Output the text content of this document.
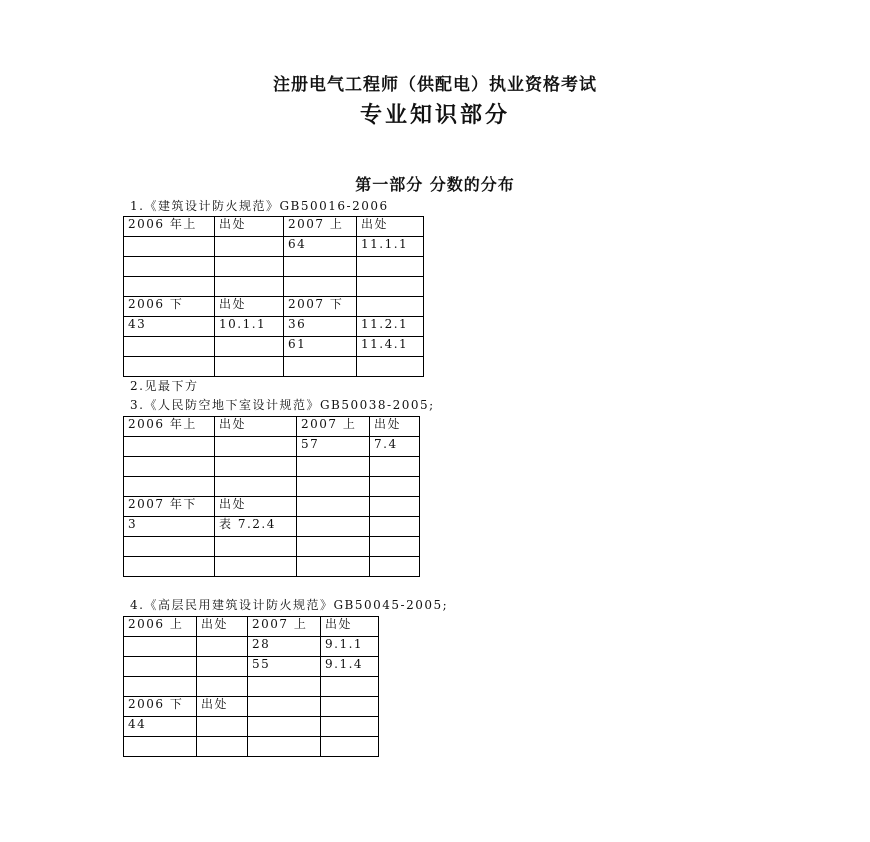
注册电气工程师（供配电）执业资格考试
专业知识部分
第一部分 分数的分布
1.《建筑设计防火规范》GB50016-2006
2006 年上	出处	2007 上	出处
		64	11.1.1

2006 下	出处	2007 下	
43	10.1.1	36	11.2.1
		61	11.4.1

2.见最下方
3.《人民防空地下室设计规范》GB50038-2005;
2006 年上	出处	2007 上	出处
		57	7.4

2007 年下	出处		
3	表 7.2.4		

4.《高层民用建筑设计防火规范》GB50045-2005;
2006 上	出处	2007 上	出处
		28	9.1.1
		55	9.1.4

2006 下	出处		
44			
